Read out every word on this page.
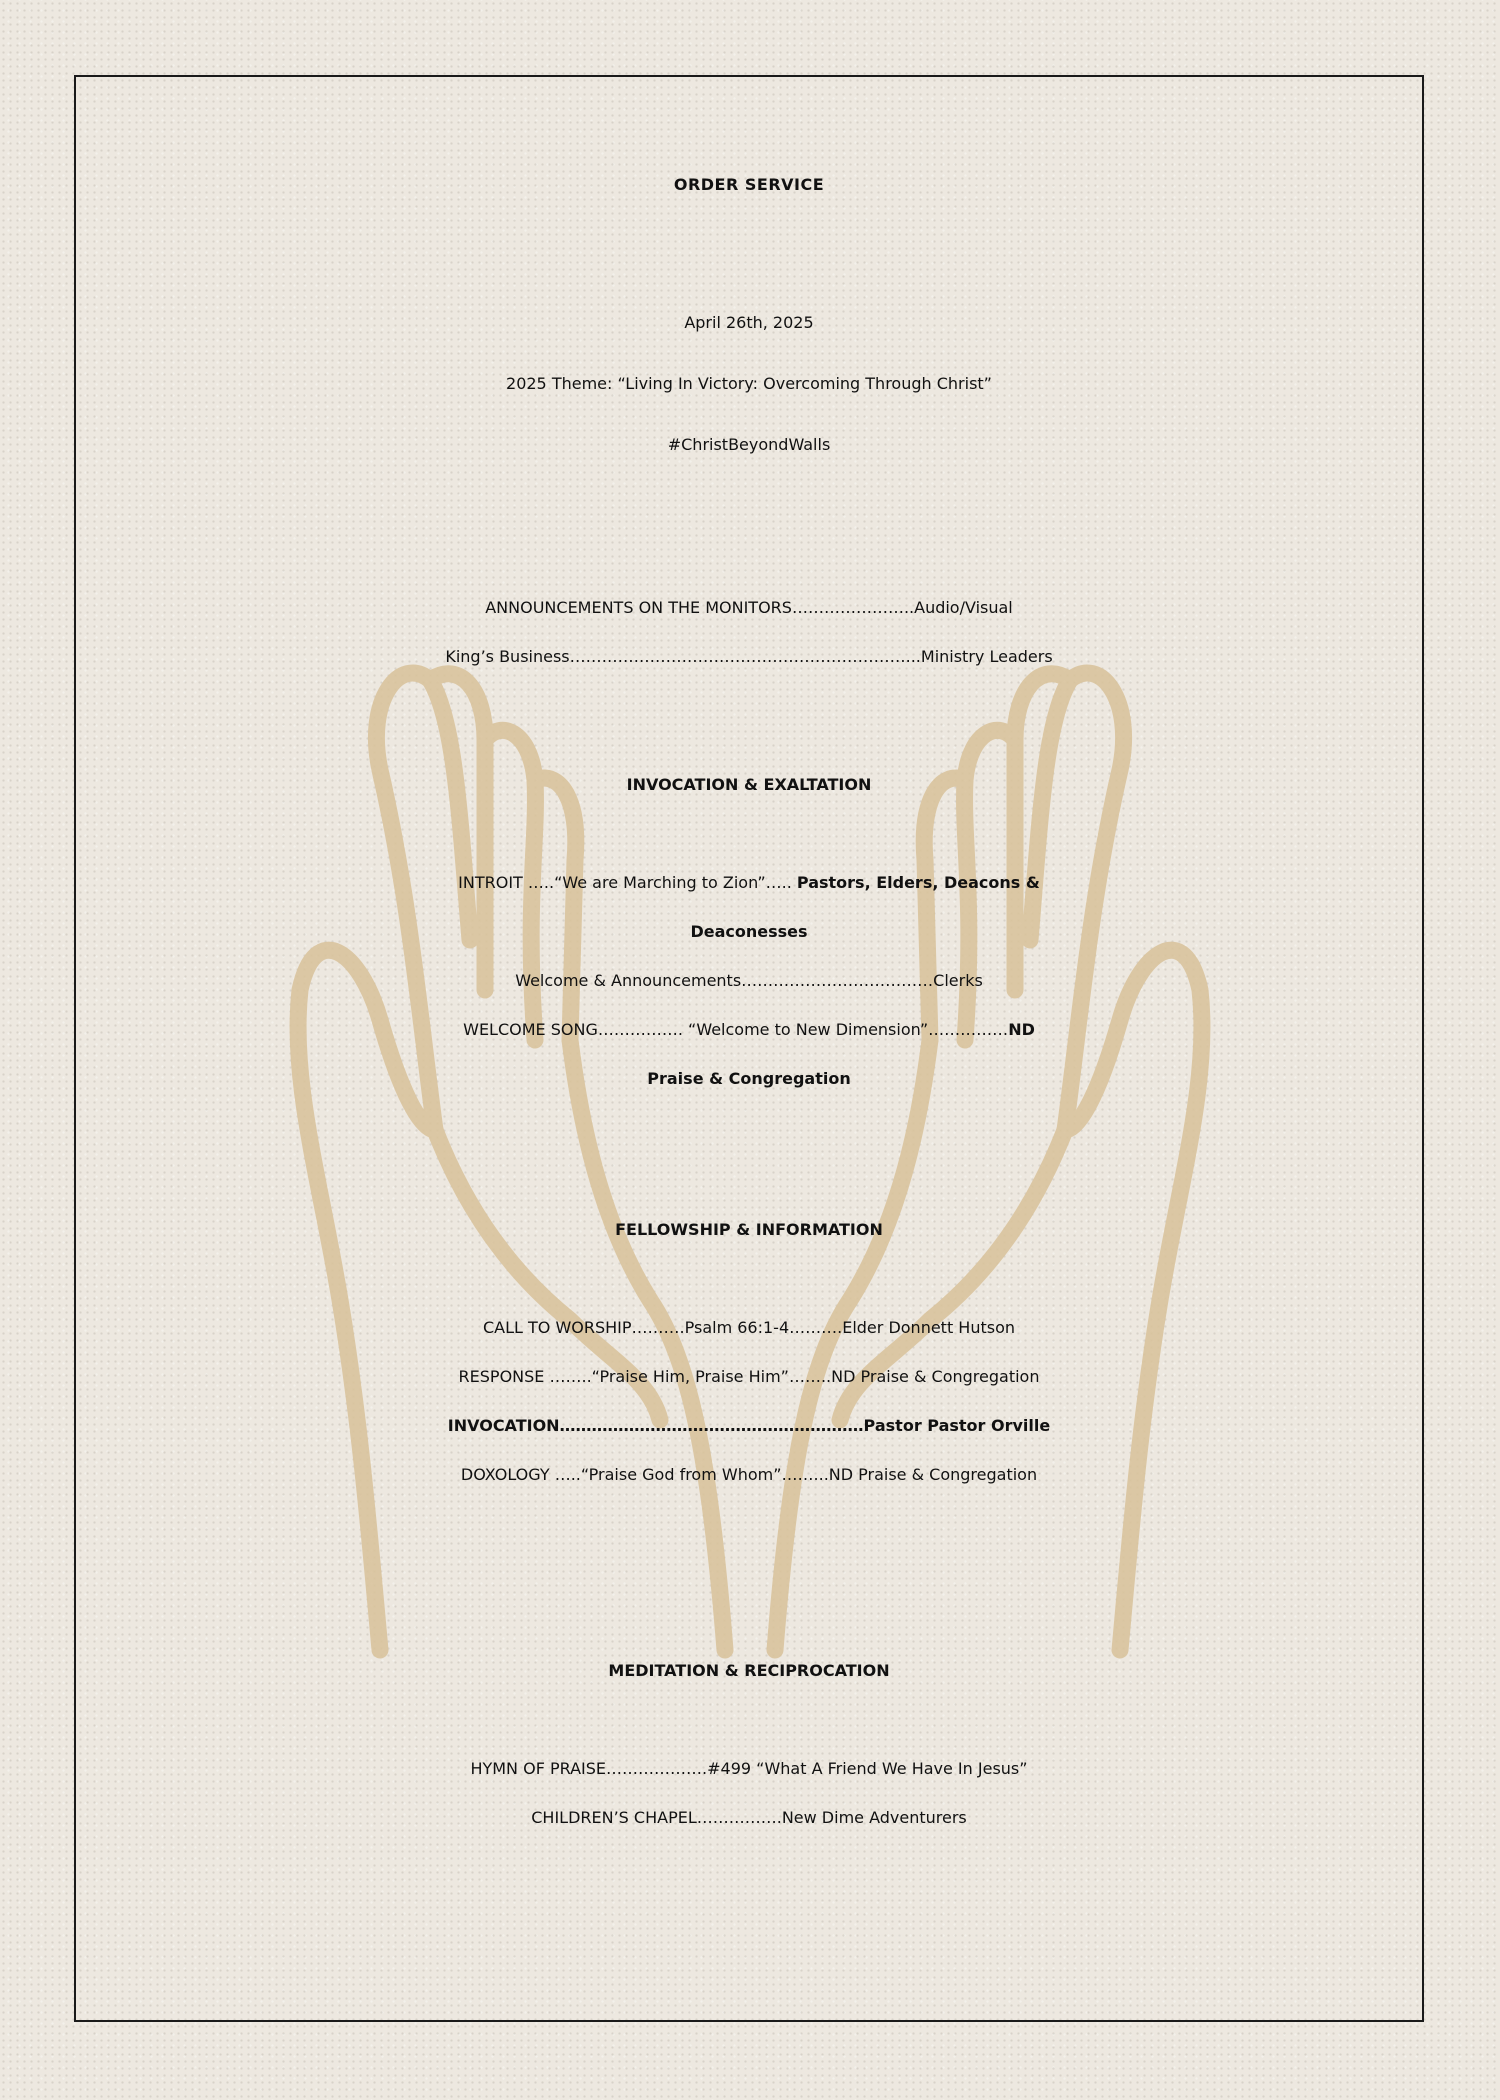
ORDER SERVICE
April 26th, 2025
2025 Theme: “Living In Victory: Overcoming Through Christ”
#ChristBeyondWalls
ANNOUNCEMENTS ON THE MONITORS…………………..Audio/Visual
King’s Business………………………………………………………...Ministry Leaders
INVOCATION & EXALTATION
INTROIT …..“We are Marching to Zion”….. Pastors, Elders, Deacons &
Deaconesses
Welcome & Announcements………………………………Clerks
WELCOME SONG……………. “Welcome to New Dimension”……………ND
Praise & Congregation
FELLOWSHIP & INFORMATION
CALL TO WORSHIP……….Psalm 66:1-4……….Elder Donnett Hutson
RESPONSE ……..“Praise Him, Praise Him”……..ND Praise & Congregation
INVOCATION…………………………………………………Pastor Pastor Orville
DOXOLOGY …..“Praise God from Whom”……...ND Praise & Congregation
MEDITATION & RECIPROCATION
HYMN OF PRAISE……………….#499 “What A Friend We Have In Jesus”
CHILDREN’S CHAPEL…………….New Dime Adventurers
